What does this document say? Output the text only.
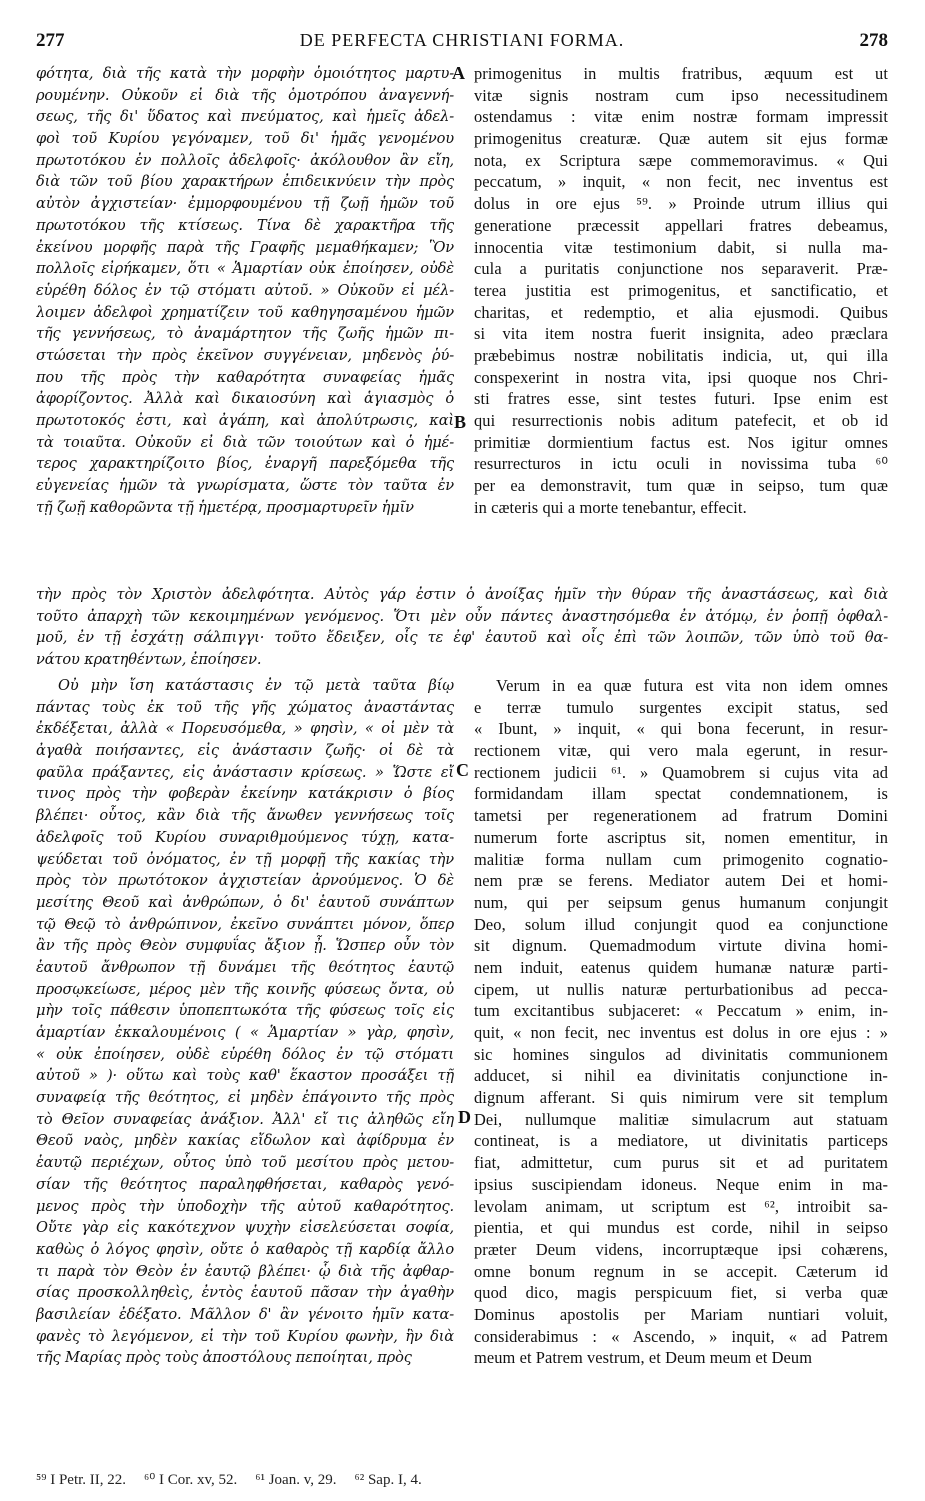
277	DE PERFECTA CHRISTIANI FORMA.	278
φότητα, διὰ τῆς κατὰ τὴν μορφὴν ὁμοιότητος μαρτυ-
ρουμένην. Οὐκοῦν εἰ διὰ τῆς ὁμοτρόπου ἀναγεννή-
σεως, τῆς δι' ὕδατος καὶ πνεύματος, καὶ ἡμεῖς ἀδελ-
φοὶ τοῦ Κυρίου γεγόναμεν, τοῦ δι' ἡμᾶς γενομένου
πρωτοτόκου ἐν πολλοῖς ἀδελφοῖς· ἀκόλουθον ἂν εἴη,
διὰ τῶν τοῦ βίου χαρακτήρων ἐπιδεικνύειν τὴν πρὸς
αὐτὸν ἀγχιστείαν· ἐμμορφουμένου τῇ ζωῇ ἡμῶν τοῦ
πρωτοτόκου τῆς κτίσεως. Τίνα δὲ χαρακτῆρα τῆς
ἐκείνου μορφῆς παρὰ τῆς Γραφῆς μεμαθήκαμεν; Ὃν
πολλοῖς εἰρήκαμεν, ὅτι « Ἁμαρτίαν οὐκ ἐποίησεν, οὐδὲ
εὑρέθη δόλος ἐν τῷ στόματι αὐτοῦ. » Οὐκοῦν εἰ μέλ-
λοιμεν ἀδελφοὶ χρηματίζειν τοῦ καθηγησαμένου ἡμῶν
τῆς γεννήσεως, τὸ ἀναμάρτητον τῆς ζωῆς ἡμῶν πι-
στώσεται τὴν πρὸς ἐκεῖνον συγγένειαν, μηδενὸς ῥύ-
που τῆς πρὸς τὴν καθαρότητα συναφείας ἡμᾶς
ἀφορίζοντος. Ἀλλὰ καὶ δικαιοσύνη καὶ ἁγιασμὸς ὁ
πρωτοτοκός ἐστι, καὶ ἀγάπη, καὶ ἀπολύτρωσις, καὶ
τὰ τοιαῦτα. Οὐκοῦν εἰ διὰ τῶν τοιούτων καὶ ὁ ἡμέ-
τερος χαρακτηρίζοιτο βίος, ἐναργῆ παρεξόμεθα τῆς
εὐγενείας ἡμῶν τὰ γνωρίσματα, ὥστε τὸν ταῦτα ἐν
τῇ ζωῇ καθορῶντα τῇ ἡμετέρᾳ, προσμαρτυρεῖν ἡμῖν
primogenitus in multis fratribus, æquum est ut
vitæ signis nostram cum ipso necessitudinem
ostendamus : vitæ enim nostræ formam impressit
primogenitus creaturæ. Quæ autem sit ejus formæ
nota, ex Scriptura sæpe commemoravimus. « Qui
peccatum, » inquit, « non fecit, nec inventus est
dolus in ore ejus ⁵⁹. » Proinde utrum illius qui
generatione præcessit appellari fratres debeamus,
innocentia vitæ testimonium dabit, si nulla ma-
cula a puritatis conjunctione nos separaverit. Præ-
terea justitia est primogenitus, et sanctificatio, et
charitas, et redemptio, et alia ejusmodi. Quibus
si vita item nostra fuerit insignita, adeo præclara
præbebimus nostræ nobilitatis indicia, ut, qui illa
conspexerint in nostra vita, ipsi quoque nos Chri-
sti fratres esse, sint testes futuri. Ipse enim est
qui resurrectionis nobis aditum patefecit, et ob id
primitiæ dormientium factus est. Nos igitur omnes
resurrecturos in ictu oculi in novissima tuba ⁶⁰
per ea demonstravit, tum quæ in seipso, tum quæ
in cæteris qui a morte tenebantur, effecit.
A
B
C
D
τὴν πρὸς τὸν Χριστὸν ἀδελφότητα. Αὐτὸς γάρ ἐστιν ὁ ἀνοίξας ἡμῖν τὴν θύραν τῆς ἀναστάσεως, καὶ διὰ
τοῦτο ἀπαρχὴ τῶν κεκοιμημένων γενόμενος. Ὅτι μὲν οὖν πάντες ἀναστησόμεθα ἐν ἀτόμῳ, ἐν ῥοπῇ ὀφθαλ-
μοῦ, ἐν τῇ ἐσχάτῃ σάλπιγγι· τοῦτο ἔδειξεν, οἷς τε ἐφ' ἑαυτοῦ καὶ οἷς ἐπὶ τῶν λοιπῶν, τῶν ὑπὸ τοῦ θα-
νάτου κρατηθέντων, ἐποίησεν.
Οὐ μὴν ἴση κατάστασις ἐν τῷ μετὰ ταῦτα βίῳ
πάντας τοὺς ἐκ τοῦ τῆς γῆς χώματος ἀναστάντας
ἐκδέξεται, ἀλλὰ « Πορευσόμεθα, » φησὶν, « οἱ μὲν τὰ
ἀγαθὰ ποιήσαντες, εἰς ἀνάστασιν ζωῆς· οἱ δὲ τὰ
φαῦλα πράξαντες, εἰς ἀνάστασιν κρίσεως. » Ὥστε εἴ
τινος πρὸς τὴν φοβερὰν ἐκείνην κατάκρισιν ὁ βίος
βλέπει· οὗτος, κἂν διὰ τῆς ἄνωθεν γεννήσεως τοῖς
ἀδελφοῖς τοῦ Κυρίου συναριθμούμενος τύχῃ, κατα-
ψεύδεται τοῦ ὀνόματος, ἐν τῇ μορφῇ τῆς κακίας τὴν
πρὸς τὸν πρωτότοκον ἀγχιστείαν ἀρνούμενος. Ὁ δὲ
μεσίτης Θεοῦ καὶ ἀνθρώπων, ὁ δι' ἑαυτοῦ συνάπτων
τῷ Θεῷ τὸ ἀνθρώπινον, ἐκεῖνο συνάπτει μόνον, ὅπερ
ἂν τῆς πρὸς Θεὸν συμφυΐας ἄξιον ᾖ. Ὥσπερ οὖν τὸν
ἑαυτοῦ ἄνθρωπον τῇ δυνάμει τῆς θεότητος ἑαυτῷ
προσῳκείωσε, μέρος μὲν τῆς κοινῆς φύσεως ὄντα, οὐ
μὴν τοῖς πάθεσιν ὑποπεπτωκότα τῆς φύσεως τοῖς εἰς
ἁμαρτίαν ἐκκαλουμένοις ( « Ἁμαρτίαν » γὰρ, φησὶν,
« οὐκ ἐποίησεν, οὐδὲ εὑρέθη δόλος ἐν τῷ στόματι
αὐτοῦ » )· οὕτω καὶ τοὺς καθ' ἕκαστον προσάξει τῇ
συναφείᾳ τῆς θεότητος, εἰ μηδὲν ἐπάγοιντο τῆς πρὸς
τὸ Θεῖον συναφείας ἀνάξιον. Ἀλλ' εἴ τις ἀληθῶς εἴη
Θεοῦ ναὸς, μηδὲν κακίας εἴδωλον καὶ ἀφίδρυμα ἐν
ἑαυτῷ περιέχων, οὗτος ὑπὸ τοῦ μεσίτου πρὸς μετου-
σίαν τῆς θεότητος παραληφθήσεται, καθαρὸς γενό-
μενος πρὸς τὴν ὑποδοχὴν τῆς αὐτοῦ καθαρότητος.
Οὔτε γὰρ εἰς κακότεχνον ψυχὴν εἰσελεύσεται σοφία,
καθὼς ὁ λόγος φησὶν, οὔτε ὁ καθαρὸς τῇ καρδίᾳ ἄλλο
τι παρὰ τὸν Θεὸν ἐν ἑαυτῷ βλέπει· ᾧ διὰ τῆς ἀφθαρ-
σίας προσκολληθεὶς, ἐντὸς ἑαυτοῦ πᾶσαν τὴν ἀγαθὴν
βασιλείαν ἐδέξατο. Μᾶλλον δ' ἂν γένοιτο ἡμῖν κατα-
φανὲς τὸ λεγόμενον, εἰ τὴν τοῦ Κυρίου φωνὴν, ἣν διὰ
τῆς Μαρίας πρὸς τοὺς ἀποστόλους πεποίηται, πρὸς
Verum in ea quæ futura est vita non idem omnes
e terræ tumulo surgentes excipit status, sed
« Ibunt, » inquit, « qui bona fecerunt, in resur-
rectionem vitæ, qui vero mala egerunt, in resur-
rectionem judicii ⁶¹. » Quamobrem si cujus vita ad
formidandam illam spectat condemnationem, is
tametsi per regenerationem ad fratrum Domini
numerum forte ascriptus sit, nomen ementitur, in
malitiæ forma nullam cum primogenito cognatio-
nem præ se ferens. Mediator autem Dei et homi-
num, qui per seipsum genus humanum conjungit
Deo, solum illud conjungit quod ea conjunctione
sit dignum. Quemadmodum virtute divina homi-
nem induit, eatenus quidem humanæ naturæ parti-
cipem, ut nullis naturæ perturbationibus ad pecca-
tum excitantibus subjaceret: « Peccatum » enim, in-
quit, « non fecit, nec inventus est dolus in ore ejus : »
sic homines singulos ad divinitatis communionem
adducet, si nihil ea divinitatis conjunctione in-
dignum afferant. Si quis nimirum vere sit templum
Dei, nullumque malitiæ simulacrum aut statuam
contineat, is a mediatore, ut divinitatis particeps
fiat, admittetur, cum purus sit et ad puritatem
ipsius suscipiendam idoneus. Neque enim in ma-
levolam animam, ut scriptum est ⁶², introibit sa-
pientia, et qui mundus est corde, nihil in seipso
præter Deum videns, incorruptæque ipsi cohærens,
omne bonum regnum in se accepit. Cæterum id
quod dico, magis perspicuum fiet, si verba quæ
Dominus apostolis per Mariam nuntiari voluit,
considerabimus : « Ascendo, » inquit, « ad Patrem
meum et Patrem vestrum, et Deum meum et Deum
⁵⁹ I Petr. II, 22. ⁶⁰ I Cor. xv, 52. ⁶¹ Joan. v, 29. ⁶² Sap. I, 4.
